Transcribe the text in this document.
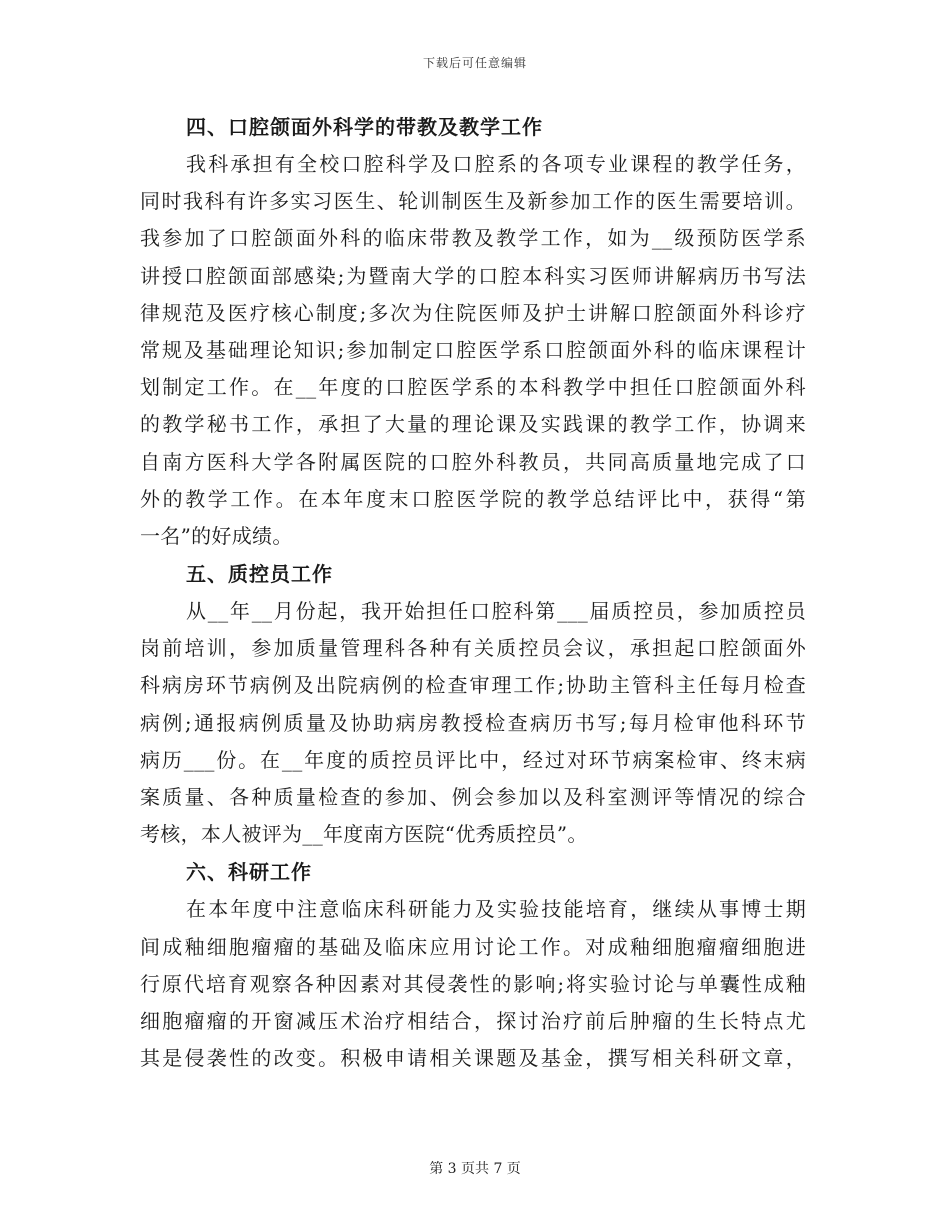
下载后可任意编辑
四、口腔颌面外科学的带教及教学工作
我科承担有全校口腔科学及口腔系的各项专业课程的教学任务，
同时我科有许多实习医生、轮训制医生及新参加工作的医生需要培训。
我参加了口腔颌面外科的临床带教及教学工作，如为__级预防医学系
讲授口腔颌面部感染;为暨南大学的口腔本科实习医师讲解病历书写法
律规范及医疗核心制度;多次为住院医师及护士讲解口腔颌面外科诊疗
常规及基础理论知识;参加制定口腔医学系口腔颌面外科的临床课程计
划制定工作。在__年度的口腔医学系的本科教学中担任口腔颌面外科
的教学秘书工作，承担了大量的理论课及实践课的教学工作，协调来
自南方医科大学各附属医院的口腔外科教员，共同高质量地完成了口
外的教学工作。在本年度末口腔医学院的教学总结评比中，获得“第
一名”的好成绩。
五、质控员工作
从__年__月份起，我开始担任口腔科第___届质控员，参加质控员
岗前培训，参加质量管理科各种有关质控员会议，承担起口腔颌面外
科病房环节病例及出院病例的检查审理工作;协助主管科主任每月检查
病例;通报病例质量及协助病房教授检查病历书写;每月检审他科环节
病历___份。在__年度的质控员评比中，经过对环节病案检审、终末病
案质量、各种质量检查的参加、例会参加以及科室测评等情况的综合
考核，本人被评为__年度南方医院“优秀质控员”。
六、科研工作
在本年度中注意临床科研能力及实验技能培育，继续从事博士期
间成釉细胞瘤瘤的基础及临床应用讨论工作。对成釉细胞瘤瘤细胞进
行原代培育观察各种因素对其侵袭性的影响;将实验讨论与单囊性成釉
细胞瘤瘤的开窗减压术治疗相结合，探讨治疗前后肿瘤的生长特点尤
其是侵袭性的改变。积极申请相关课题及基金，撰写相关科研文章，
第 3 页共 7 页
